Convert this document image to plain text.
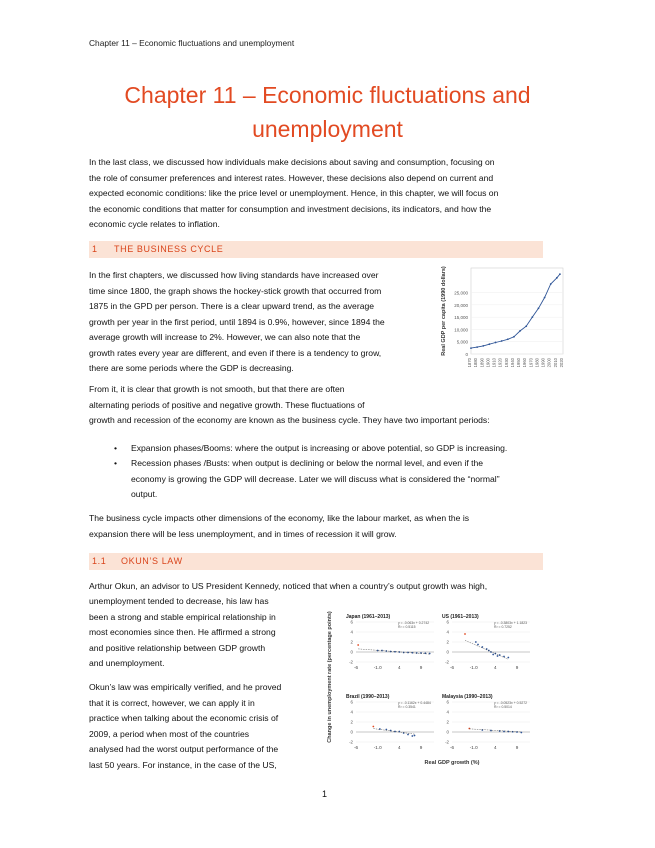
Chapter 11 – Economic fluctuations and unemployment
Chapter 11 – Economic fluctuations and
unemployment
In the last class, we discussed how individuals make decisions about saving and consumption, focusing on
the role of consumer preferences and interest rates. However, these decisions also depend on current and
expected economic conditions: like the price level or unemployment. Hence, in this chapter, we will focus on
the economic conditions that matter for consumption and investment decisions, its indicators, and how the
economic cycle relates to inflation.
1 THE BUSINESS CYCLE
In the first chapters, we discussed how living standards have increased over
time since 1800, the graph shows the hockey-stick growth that occurred from
1875 in the GPD per person. There is a clear upward trend, as the average
growth per year in the first period, until 1894 is 0.9%, however, since 1894 the
average growth will increase to 2%. However, we can also note that the
growth rates every year are different, and even if there is a tendency to grow,
there are some periods where the GDP is decreasing.
0
5,000
10,000
15,000
20,000
25,000
1870 1880 1890 1900 1910 1920 1930 1940 1950 1960 1970 1980 1990 2000 2010 2020
Real GDP per capita (1990 dollars)
From it, it is clear that growth is not smooth, but that there are often
alternating periods of positive and negative growth. These fluctuations of
growth and recession of the economy are known as the business cycle. They have two important periods:
• Expansion phases/Booms: where the output is increasing or above potential, so GDP is increasing.
• Recession phases /Busts: when output is declining or below the normal level, and even if the
economy is growing the GDP will decrease. Later we will discuss what is considered the “normal”
output.
The business cycle impacts other dimensions of the economy, like the labour market, as when the is
expansion there will be less unemployment, and in times of recession it will grow.
1.1 OKUN’S LAW
Arthur Okun, an advisor to US President Kennedy, noticed that when a country’s output growth was high,
unemployment tended to decrease, his law has
been a strong and stable empirical relationship in
most economies since then. He affirmed a strong
and positive relationship between GDP growth
and unemployment.
Okun’s law was empirically verified, and he proved
that it is correct, however, we can apply it in
practice when talking about the economic crisis of
2009, a period when most of the countries
analysed had the worst output performance of the
last 50 years. For instance, in the case of the US,
Change in unemployment rate (percentage points)
Real GDP growth (%)
Japan (1961–2013)
6
4
2
0
-2
-6	-1.0	4	9
y = -0.063x + 0.2742
R² = 0.5115
US (1961–2013)
6
4
2
0
-2
-6	-1.0	4	9
y = -0.3803x + 1.1823
R² = 0.7252
Brazil (1990–2013)
6
4
2
0
-2
-6	-1.0	4	9
y = -0.1162x + 0.4484
R² = 0.3541
Malaysia (1990–2013)
6
4
2
0
-2
-6	-1.0	4	9
y = -0.0523x + 0.5272
R² = 0.5014
1
